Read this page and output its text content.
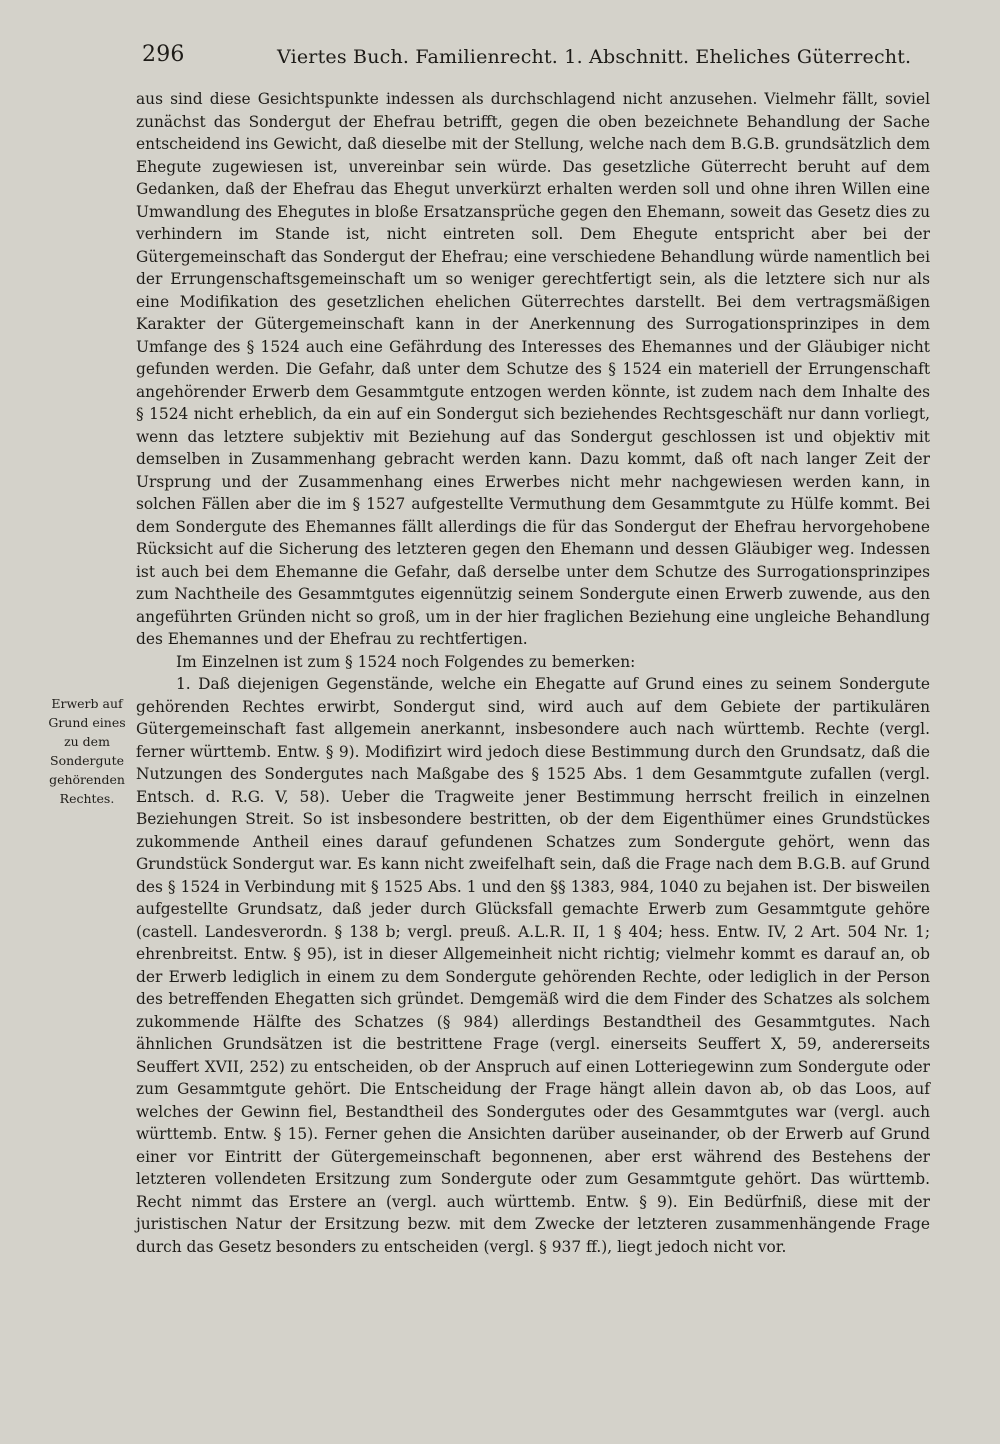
296	Viertes Buch. Familienrecht. 1. Abschnitt. Eheliches Güterrecht.
Erwerb auf Grund eines zu dem Sondergute gehörenden Rechtes.

aus sind diese Gesichtspunkte indessen als durchschlagend nicht anzusehen. Vielmehr fällt, soviel zunächst das Sondergut der Ehefrau betrifft, gegen die oben bezeichnete Behandlung der Sache entscheidend ins Gewicht, daß dieselbe mit der Stellung, welche nach dem B.G.B. grundsätzlich dem Ehegute zugewiesen ist, unvereinbar sein würde. Das gesetzliche Güterrecht beruht auf dem Gedanken, daß der Ehefrau das Ehegut unverkürzt erhalten werden soll und ohne ihren Willen eine Umwandlung des Ehegutes in bloße Ersatzansprüche gegen den Ehemann, soweit das Gesetz dies zu verhindern im Stande ist, nicht eintreten soll. Dem Ehegute entspricht aber bei der Gütergemeinschaft das Sondergut der Ehefrau; eine verschiedene Behandlung würde namentlich bei der Errungenschaftsgemeinschaft um so weniger gerechtfertigt sein, als die letztere sich nur als eine Modifikation des gesetzlichen ehelichen Güterrechtes darstellt. Bei dem vertragsmäßigen Karakter der Gütergemeinschaft kann in der Anerkennung des Surrogationsprinzipes in dem Umfange des § 1524 auch eine Gefährdung des Interesses des Ehemannes und der Gläubiger nicht gefunden werden. Die Gefahr, daß unter dem Schutze des § 1524 ein materiell der Errungenschaft angehörender Erwerb dem Gesammtgute entzogen werden könnte, ist zudem nach dem Inhalte des § 1524 nicht erheblich, da ein auf ein Sondergut sich beziehendes Rechtsgeschäft nur dann vorliegt, wenn das letztere subjektiv mit Beziehung auf das Sondergut geschlossen ist und objektiv mit demselben in Zusammenhang gebracht werden kann. Dazu kommt, daß oft nach langer Zeit der Ursprung und der Zusammenhang eines Erwerbes nicht mehr nachgewiesen werden kann, in solchen Fällen aber die im § 1527 aufgestellte Vermuthung dem Gesammtgute zu Hülfe kommt. Bei dem Sondergute des Ehemannes fällt allerdings die für das Sondergut der Ehefrau hervorgehobene Rücksicht auf die Sicherung des letzteren gegen den Ehemann und dessen Gläubiger weg. Indessen ist auch bei dem Ehemanne die Gefahr, daß derselbe unter dem Schutze des Surrogationsprinzipes zum Nachtheile des Gesammtgutes eigennützig seinem Sondergute einen Erwerb zuwende, aus den angeführten Gründen nicht so groß, um in der hier fraglichen Beziehung eine ungleiche Behandlung des Ehemannes und der Ehefrau zu rechtfertigen.

Im Einzelnen ist zum § 1524 noch Folgendes zu bemerken:

1. Daß diejenigen Gegenstände, welche ein Ehegatte auf Grund eines zu seinem Sondergute gehörenden Rechtes erwirbt, Sondergut sind, wird auch auf dem Gebiete der partikulären Gütergemeinschaft fast allgemein anerkannt, insbesondere auch nach württemb. Rechte (vergl. ferner württemb. Entw. § 9). Modifizirt wird jedoch diese Bestimmung durch den Grundsatz, daß die Nutzungen des Sondergutes nach Maßgabe des § 1525 Abs. 1 dem Gesammtgute zufallen (vergl. Entsch. d. R.G. V, 58). Ueber die Tragweite jener Bestimmung herrscht freilich in einzelnen Beziehungen Streit. So ist insbesondere bestritten, ob der dem Eigenthümer eines Grundstückes zukommende Antheil eines darauf gefundenen Schatzes zum Sondergute gehört, wenn das Grundstück Sondergut war. Es kann nicht zweifelhaft sein, daß die Frage nach dem B.G.B. auf Grund des § 1524 in Verbindung mit § 1525 Abs. 1 und den §§ 1383, 984, 1040 zu bejahen ist. Der bisweilen aufgestellte Grundsatz, daß jeder durch Glücksfall gemachte Erwerb zum Gesammtgute gehöre (castell. Landesverordn. § 138 b; vergl. preuß. A.L.R. II, 1 § 404; hess. Entw. IV, 2 Art. 504 Nr. 1; ehrenbreitst. Entw. § 95), ist in dieser Allgemeinheit nicht richtig; vielmehr kommt es darauf an, ob der Erwerb lediglich in einem zu dem Sondergute gehörenden Rechte, oder lediglich in der Person des betreffenden Ehegatten sich gründet. Demgemäß wird die dem Finder des Schatzes als solchem zukommende Hälfte des Schatzes (§ 984) allerdings Bestandtheil des Gesammtgutes. Nach ähnlichen Grundsätzen ist die bestrittene Frage (vergl. einerseits Seuffert X, 59, andererseits Seuffert XVII, 252) zu entscheiden, ob der Anspruch auf einen Lotteriegewinn zum Sondergute oder zum Gesammtgute gehört. Die Entscheidung der Frage hängt allein davon ab, ob das Loos, auf welches der Gewinn fiel, Bestandtheil des Sondergutes oder des Gesammtgutes war (vergl. auch württemb. Entw. § 15). Ferner gehen die Ansichten darüber auseinander, ob der Erwerb auf Grund einer vor Eintritt der Gütergemeinschaft begonnenen, aber erst während des Bestehens der letzteren vollendeten Ersitzung zum Sondergute oder zum Gesammtgute gehört. Das württemb. Recht nimmt das Erstere an (vergl. auch württemb. Entw. § 9). Ein Bedürfniß, diese mit der juristischen Natur der Ersitzung bezw. mit dem Zwecke der letzteren zusammenhängende Frage durch das Gesetz besonders zu entscheiden (vergl. § 937 ff.), liegt jedoch nicht vor.
